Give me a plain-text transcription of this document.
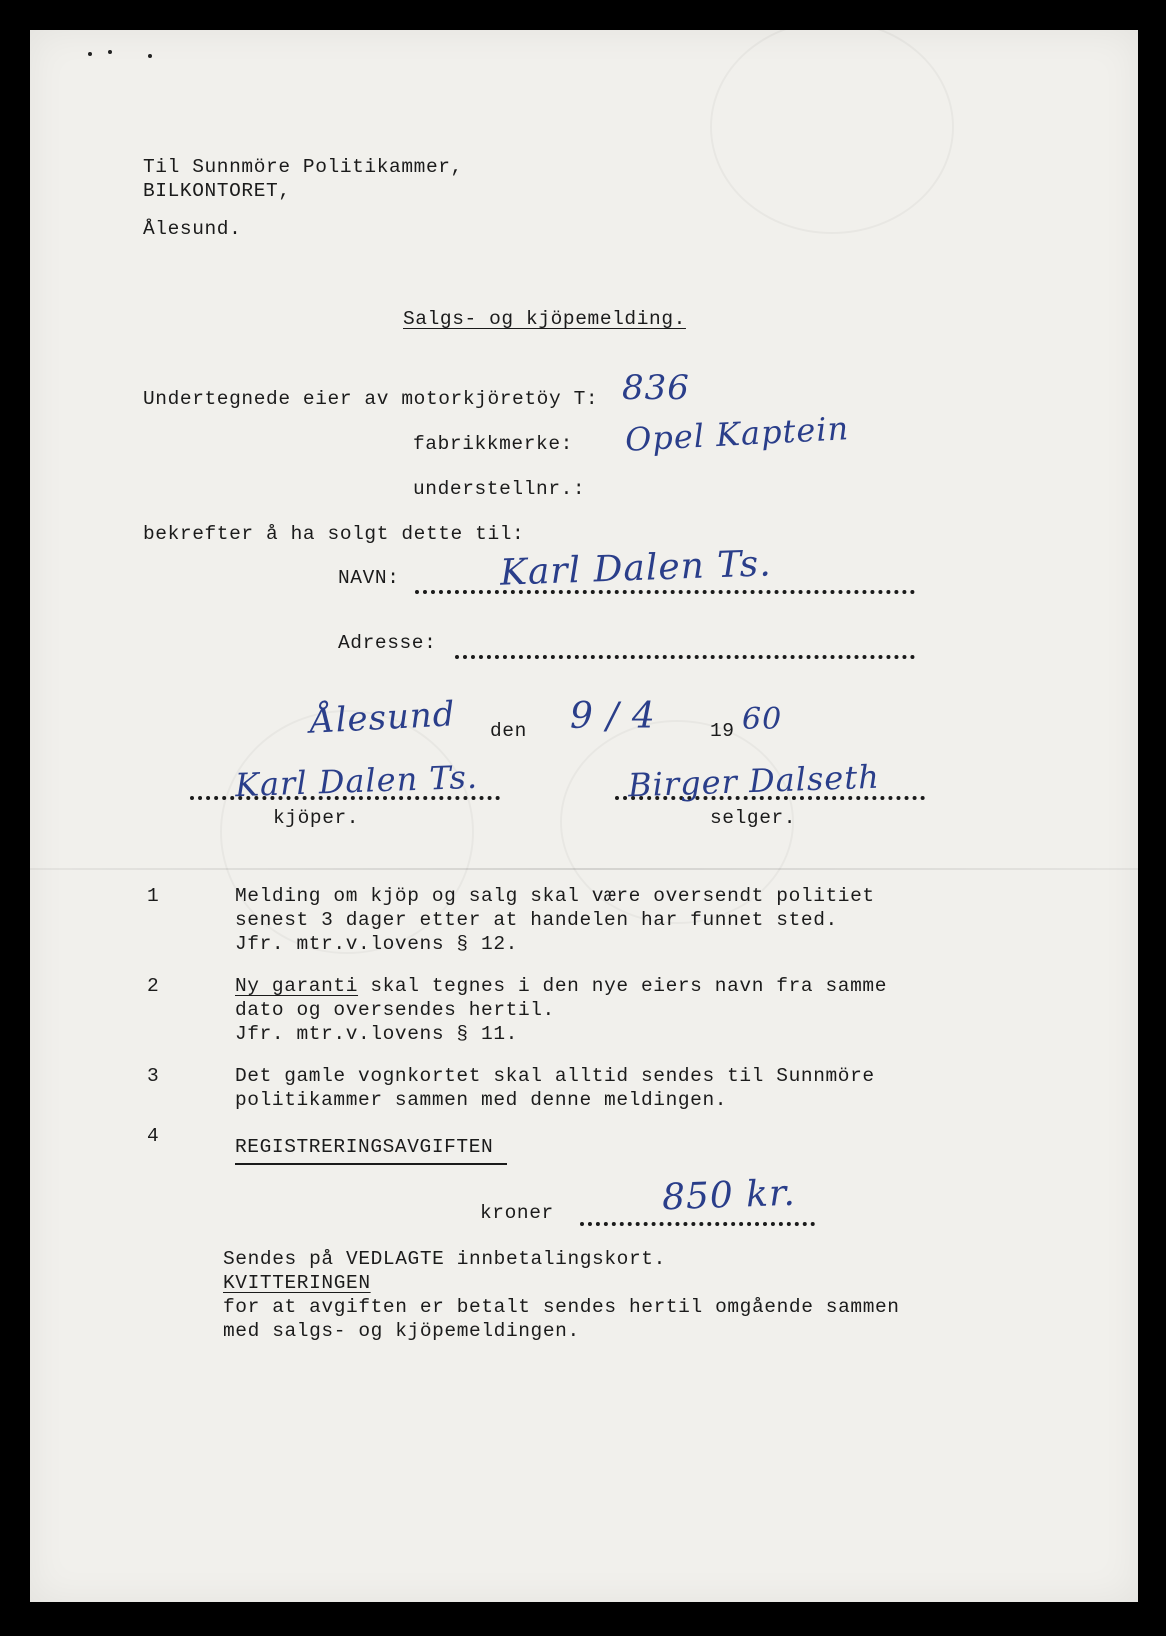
Til Sunnmöre Politikammer,
BILKONTORET,
Ålesund.
Salgs- og kjöpemelding.
Undertegnede eier av motorkjöretöy T: 836
fabrikkmerke: Opel Kaptein
understellnr.:
bekrefter å ha solgt dette til:
NAVN:	Karl Dalen Ts.
Adresse:
Ålesund den 9 / 4	19 60
Karl Dalen Ts.	Birger Dalseth
kjöper.	selger.
1	Melding om kjöp og salg skal være oversendt politiet
senest 3 dager etter at handelen har funnet sted.
Jfr. mtr.v.lovens § 12.
2	Ny garanti skal tegnes i den nye eiers navn fra samme
dato og oversendes hertil.
Jfr. mtr.v.lovens § 11.
3	Det gamle vognkortet skal alltid sendes til Sunnmöre
politikammer sammen med denne meldingen.
4	REGISTRERINGSAVGIFTEN
kroner	850 kr.
Sendes på VEDLAGTE innbetalingskort.
KVITTERINGEN
for at avgiften er betalt sendes hertil omgående sammen
med salgs- og kjöpemeldingen.
